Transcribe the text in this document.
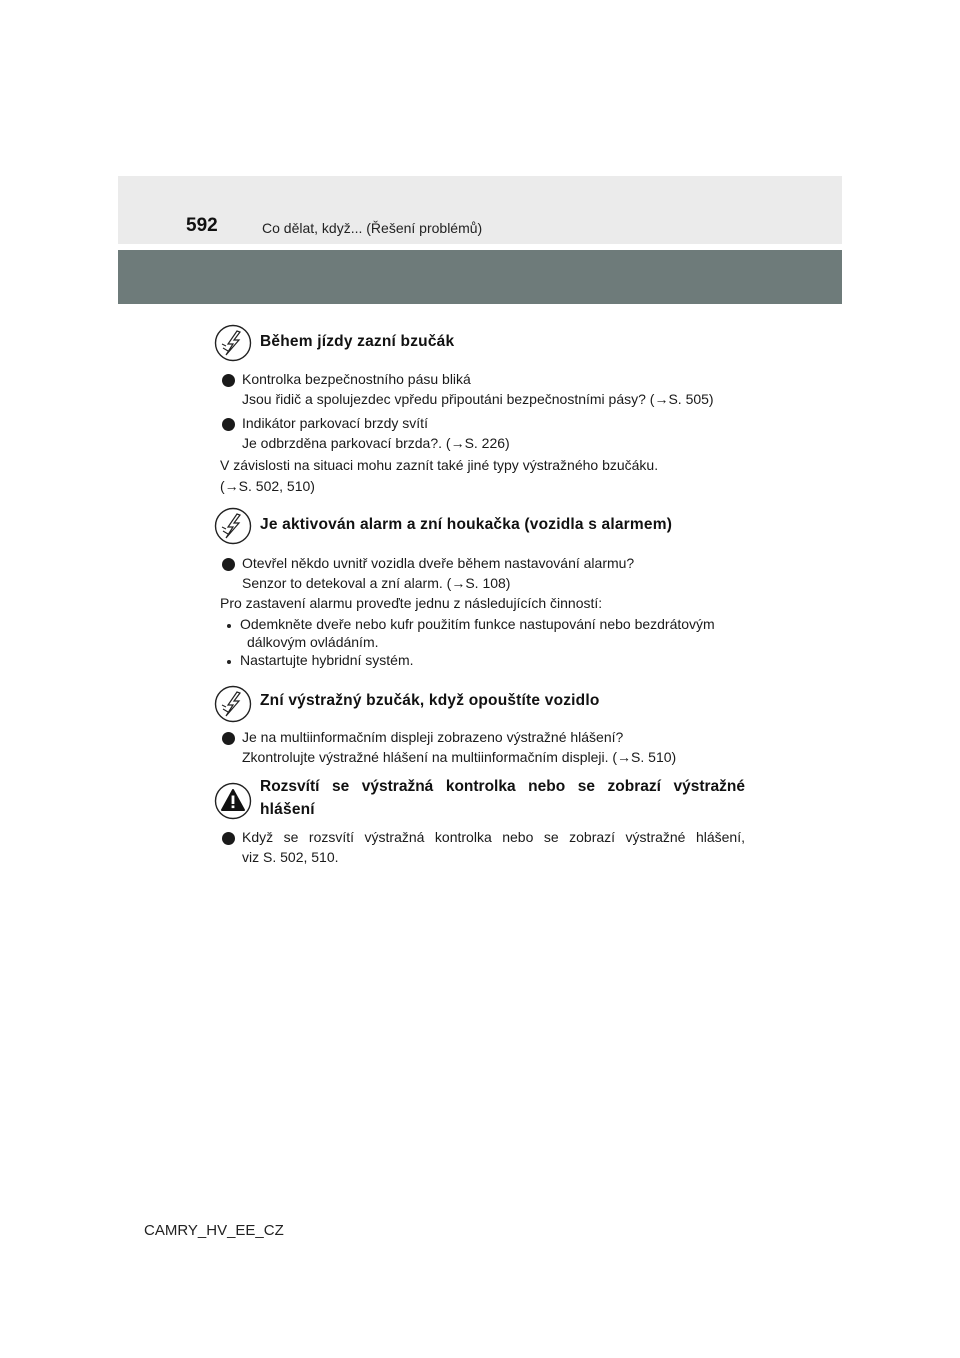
592	Co dělat, když... (Řešení problémů)
Během jízdy zazní bzučák
Kontrolka bezpečnostního pásu bliká
Jsou řidič a spolujezdec vpředu připoutáni bezpečnostními pásy? (→S. 505)
Indikátor parkovací brzdy svítí
Je odbrzděna parkovací brzda?. (→S. 226)
V závislosti na situaci mohu zaznít také jiné typy výstražného bzučáku.
(→S. 502, 510)
Je aktivován alarm a zní houkačka (vozidla s alarmem)
Otevřel někdo uvnitř vozidla dveře během nastavování alarmu?
Senzor to detekoval a zní alarm. (→S. 108)
Pro zastavení alarmu proveďte jednu z následujících činností:
Odemkněte dveře nebo kufr použitím funkce nastupování nebo bezdrátovým
dálkovým ovládáním.
Nastartujte hybridní systém.
Zní výstražný bzučák, když opouštíte vozidlo
Je na multiinformačním displeji zobrazeno výstražné hlášení?
Zkontrolujte výstražné hlášení na multiinformačním displeji. (→S. 510)
Rozsvítí se výstražná kontrolka nebo se zobrazí výstražné
hlášení
Když se rozsvítí výstražná kontrolka nebo se zobrazí výstražné hlášení,
viz S. 502, 510.
CAMRY_HV_EE_CZ
